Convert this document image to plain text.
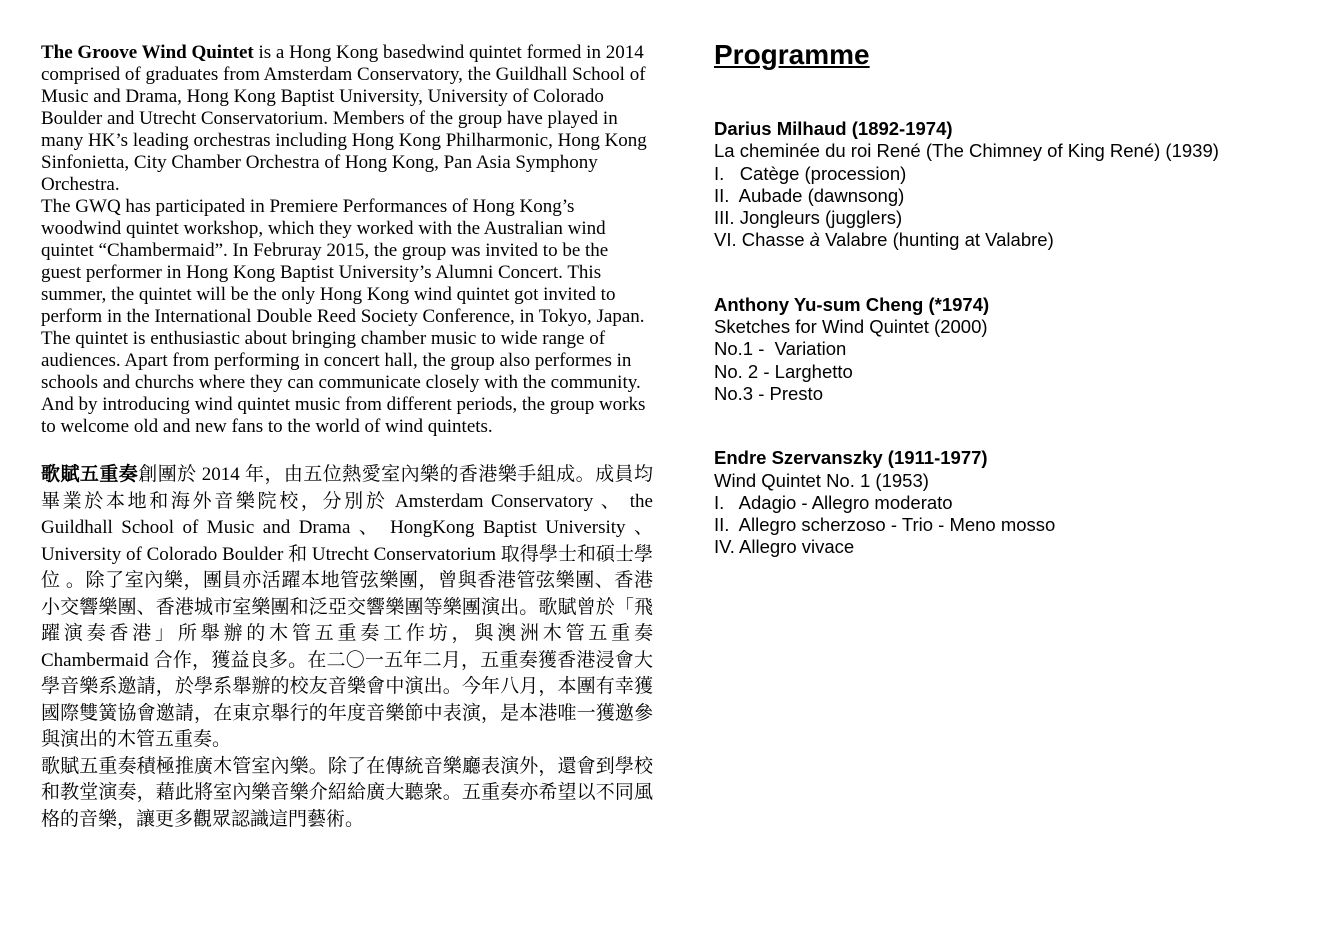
The Groove Wind Quintet is a Hong Kong basedwind quintet formed in 2014 comprised of graduates from Amsterdam Conservatory, the Guildhall School of Music and Drama, Hong Kong Baptist University, University of Colorado Boulder and Utrecht Conservatorium. Members of the group have played in many HK’s leading orchestras including Hong Kong Philharmonic, Hong Kong Sinfonietta, City Chamber Orchestra of Hong Kong, Pan Asia Symphony Orchestra.

The GWQ has participated in Premiere Performances of Hong Kong’s woodwind quintet workshop, which they worked with the Australian wind quintet “Chambermaid”. In Februray 2015, the group was invited to be the guest performer in Hong Kong Baptist University’s Alumni Concert. This summer, the quintet will be the only Hong Kong wind quintet got invited to perform in the International Double Reed Society Conference, in Tokyo, Japan.

The quintet is enthusiastic about bringing chamber music to wide range of audiences. Apart from performing in concert hall, the group also performes in schools and churchs where they can communicate closely with the community. And by introducing wind quintet music from different periods, the group works to welcome old and new fans to the world of wind quintets.

歌賦五重奏創團於 2014 年，由五位熱愛室內樂的香港樂手組成。成員均畢業於本地和海外音樂院校，分別於 Amsterdam Conservatory 、 the Guildhall School of Music and Drama 、 HongKong Baptist University 、University of Colorado Boulder 和 Utrecht Conservatorium 取得學士和碩士學位 。除了室內樂，團員亦活躍本地管弦樂團，曾與香港管弦樂團、香港小交響樂團、香港城市室樂團和泛亞交響樂團等樂團演出。歌賦曾於「飛躍演奏香港」所舉辦的木管五重奏工作坊，與澳洲木管五重奏 Chambermaid 合作，獲益良多。在二〇一五年二月，五重奏獲香港浸會大學音樂系邀請，於學系舉辦的校友音樂會中演出。今年八月，本團有幸獲國際雙簧協會邀請，在東京舉行的年度音樂節中表演，是本港唯一獲邀參與演出的木管五重奏。

歌賦五重奏積極推廣木管室內樂。除了在傳統音樂廳表演外，還會到學校和教堂演奏，藉此將室內樂音樂介紹給廣大聽衆。五重奏亦希望以不同風格的音樂，讓更多觀眾認識這門藝術。

Programme

Darius Milhaud (1892-1974)

La cheminée du roi René (The Chimney of King René) (1939)

I.   Catège (procession)

II.  Aubade (dawnsong)

III. Jongleurs (jugglers)

VI. Chasse à Valabre (hunting at Valabre)

Anthony Yu-sum Cheng (*1974)

Sketches for Wind Quintet (2000)

No.1 -  Variation

No. 2 - Larghetto

No.3 - Presto

Endre Szervanszky (1911-1977)

Wind Quintet No. 1 (1953)

I.   Adagio - Allegro moderato

II.  Allegro scherzoso - Trio - Meno mosso

IV. Allegro vivace
